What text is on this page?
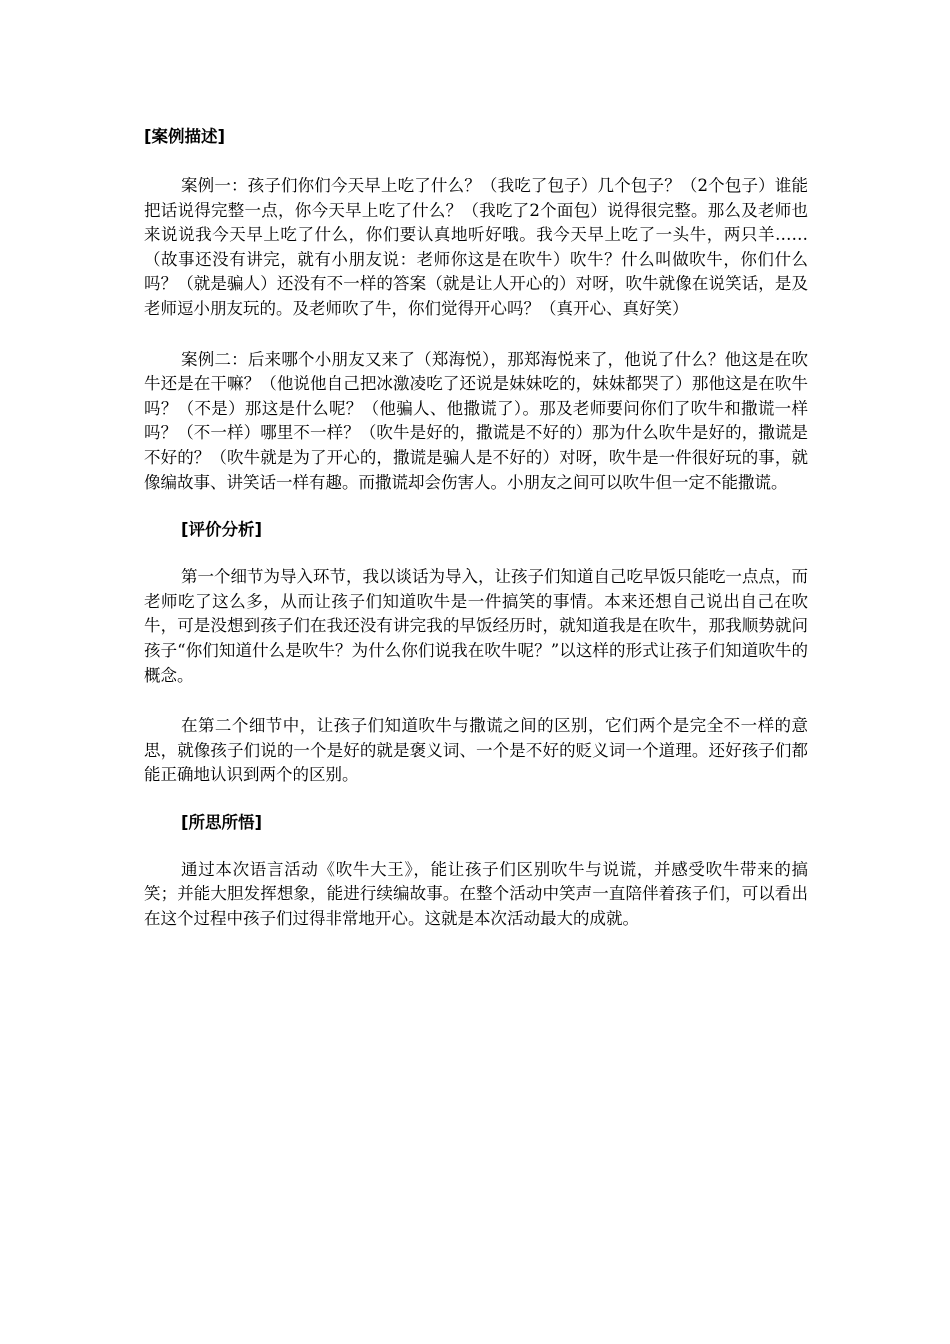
[案例描述]

案例一：孩子们你们今天早上吃了什么？（我吃了包子）几个包子？（2个包子）谁能把话说得完整一点，你今天早上吃了什么？（我吃了2个面包）说得很完整。那么及老师也来说说我今天早上吃了什么，你们要认真地听好哦。我今天早上吃了一头牛，两只羊……（故事还没有讲完，就有小朋友说：老师你这是在吹牛）吹牛？什么叫做吹牛，你们什么吗？（就是骗人）还没有不一样的答案（就是让人开心的）对呀，吹牛就像在说笑话，是及老师逗小朋友玩的。及老师吹了牛，你们觉得开心吗？（真开心、真好笑）

案例二：后来哪个小朋友又来了（郑海悦），那郑海悦来了，他说了什么？他这是在吹牛还是在干嘛？（他说他自己把冰激凌吃了还说是妹妹吃的，妹妹都哭了）那他这是在吹牛吗？（不是）那这是什么呢？（他骗人、他撒谎了）。那及老师要问你们了吹牛和撒谎一样吗？（不一样）哪里不一样？（吹牛是好的，撒谎是不好的）那为什么吹牛是好的，撒谎是不好的？（吹牛就是为了开心的，撒谎是骗人是不好的）对呀，吹牛是一件很好玩的事，就像编故事、讲笑话一样有趣。而撒谎却会伤害人。小朋友之间可以吹牛但一定不能撒谎。

[评价分析]

第一个细节为导入环节，我以谈话为导入，让孩子们知道自己吃早饭只能吃一点点，而老师吃了这么多，从而让孩子们知道吹牛是一件搞笑的事情。本来还想自己说出自己在吹牛，可是没想到孩子们在我还没有讲完我的早饭经历时，就知道我是在吹牛，那我顺势就问孩子“你们知道什么是吹牛？为什么你们说我在吹牛呢？”以这样的形式让孩子们知道吹牛的概念。

在第二个细节中，让孩子们知道吹牛与撒谎之间的区别，它们两个是完全不一样的意思，就像孩子们说的一个是好的就是褒义词、一个是不好的贬义词一个道理。还好孩子们都能正确地认识到两个的区别。

[所思所悟]

通过本次语言活动《吹牛大王》，能让孩子们区别吹牛与说谎，并感受吹牛带来的搞笑；并能大胆发挥想象，能进行续编故事。在整个活动中笑声一直陪伴着孩子们，可以看出在这个过程中孩子们过得非常地开心。这就是本次活动最大的成就。
